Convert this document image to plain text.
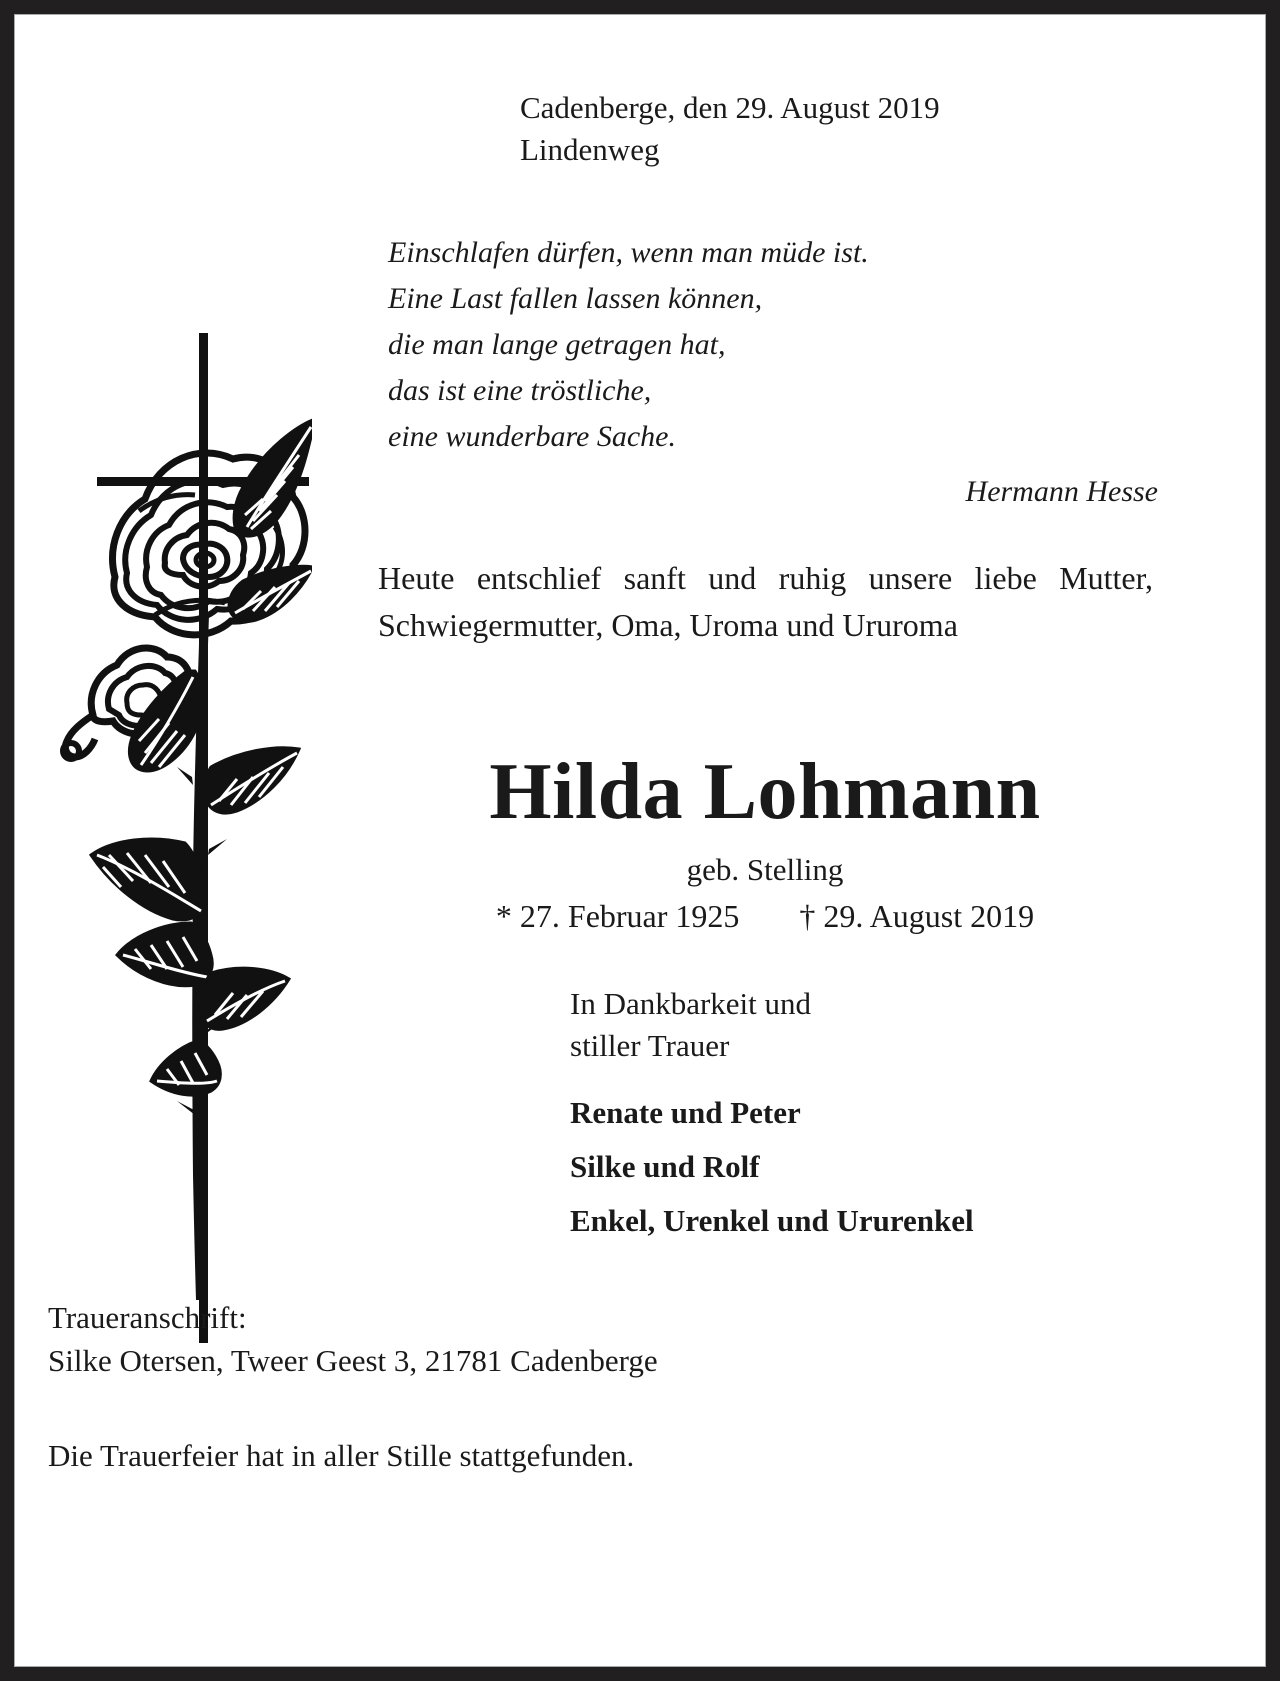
Cadenberge, den 29. August 2019
Lindenweg
Einschlafen dürfen, wenn man müde ist.
Eine Last fallen lassen können,
die man lange getragen hat,
das ist eine tröstliche,
eine wunderbare Sache.
Hermann Hesse
Heute entschlief sanft und ruhig unsere liebe Mutter, Schwiegermutter, Oma, Uroma und Ururoma
Hilda Lohmann
geb. Stelling
* 27. Februar 1925 † 29. August 2019
In Dankbarkeit und
stiller Trauer
Renate und Peter
Silke und Rolf
Enkel, Urenkel und Ururenkel
Traueranschrift:
Silke Otersen, Tweer Geest 3, 21781 Cadenberge
Die Trauerfeier hat in aller Stille stattgefunden.
